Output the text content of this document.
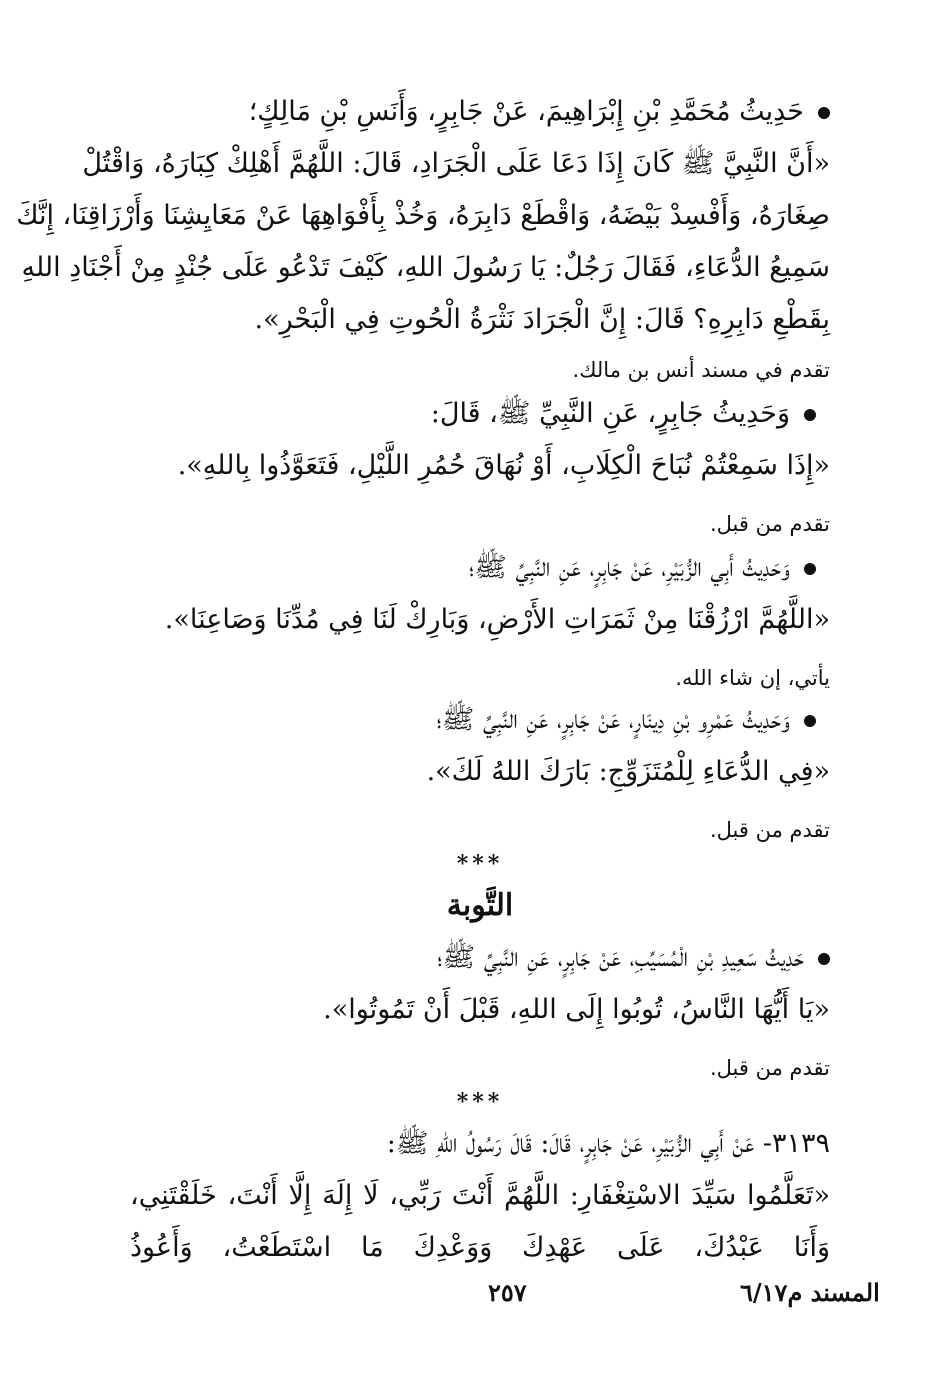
حَدِيثُ مُحَمَّدِ بْنِ إِبْرَاهِيمَ، عَنْ جَابِرٍ، وَأَنَسِ بْنِ مَالِكٍ؛
«أَنَّ النَّبِيَّ ﷺ كَانَ إِذَا دَعَا عَلَى الْجَرَادِ، قَالَ: اللَّهُمَّ أَهْلِكْ كِبَارَهُ، وَاقْتُلْ
صِغَارَهُ، وَأَفْسِدْ بَيْضَهُ، وَاقْطَعْ دَابِرَهُ، وَخُذْ بِأَفْوَاهِهَا عَنْ مَعَايِشِنَا وَأَرْزَاقِنَا، إِنَّكَ
سَمِيعُ الدُّعَاءِ، فَقَالَ رَجُلٌ: يَا رَسُولَ اللهِ، كَيْفَ تَدْعُو عَلَى جُنْدٍ مِنْ أَجْنَادِ اللهِ
بِقَطْعِ دَابِرِهِ؟ قَالَ: إِنَّ الْجَرَادَ نَثْرَةُ الْحُوتِ فِي الْبَحْرِ».
تقدم في مسند أنس بن مالك.
وَحَدِيثُ جَابِرٍ، عَنِ النَّبِيِّ ﷺ، قَالَ:
«إِذَا سَمِعْتُمْ نُبَاحَ الْكِلَابِ، أَوْ نُهَاقَ حُمُرِ اللَّيْلِ، فَتَعَوَّذُوا بِاللهِ».
تقدم من قبل.
وَحَدِيثُ أَبِي الزُّبَيْرِ، عَنْ جَابِرٍ، عَنِ النَّبِيِّ ﷺ؛
«اللَّهُمَّ ارْزُقْنَا مِنْ ثَمَرَاتِ الأَرْضِ، وَبَارِكْ لَنَا فِي مُدِّنَا وَصَاعِنَا».
يأتي، إن شاء الله.
وَحَدِيثُ عَمْرِو بْنِ دِينَارٍ، عَنْ جَابِرٍ، عَنِ النَّبِيِّ ﷺ؛
«فِي الدُّعَاءِ لِلْمُتَزَوِّجِ: بَارَكَ اللهُ لَكَ».
تقدم من قبل.
***
التَّوبة
حَدِيثُ سَعِيدِ بْنِ الْمُسَيِّبِ، عَنْ جَابِرٍ، عَنِ النَّبِيِّ ﷺ؛
«يَا أَيُّهَا النَّاسُ، تُوبُوا إِلَى اللهِ، قَبْلَ أَنْ تَمُوتُوا».
تقدم من قبل.
***
٣١٣٩- عَنْ أَبِي الزُّبَيْرِ، عَنْ جَابِرٍ، قَالَ: قَالَ رَسُولُ اللهِ ﷺ:
«تَعَلَّمُوا سَيِّدَ الاسْتِغْفَارِ: اللَّهُمَّ أَنْتَ رَبِّي، لَا إِلَهَ إِلَّا أَنْتَ، خَلَقْتَنِي،
وَأَنَا عَبْدُكَ، عَلَى عَهْدِكَ وَوَعْدِكَ مَا اسْتَطَعْتُ، وَأَعُوذُ
٢٥٧	المسند م٦/١٧
